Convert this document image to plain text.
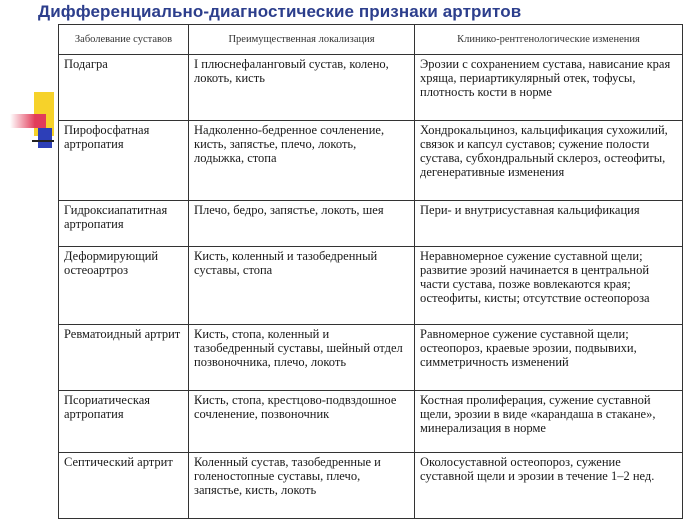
Дифференциально-диагностические признаки артритов
Заболевание суставов	Преимущественная локализация	Клинико-рентгенологические изменения
Подагра	I плюснефаланговый сустав, колено, локоть, кисть	Эрозии с сохранением сустава, нависание края хряща, периартикулярный отек, тофусы, плотность кости в норме
Пирофосфатная артропатия	Надколенно-бедренное сочленение, кисть, запястье, плечо, локоть, лодыжка, стопа	Хондрокальциноз, кальцификация сухожилий, связок и капсул суставов; сужение полости сустава, субхондральный склероз, остеофиты, дегенеративные изменения
Гидроксиапатитная артропатия	Плечо, бедро, запястье, локоть, шея	Пери- и внутрисуставная кальцификация
Деформирующий остеоартроз	Кисть, коленный и тазобедренный суставы, стопа	Неравномерное сужение суставной щели; развитие эрозий начинается в центральной части сустава, позже вовлекаются края; остеофиты, кисты; отсутствие остеопороза
Ревматоидный артрит	Кисть, стопа, коленный и тазобедренный суставы, шейный отдел позвоночника, плечо, локоть	Равномерное сужение суставной щели; остеопороз, краевые эрозии, подвывихи, симметричность изменений
Псориатическая артропатия	Кисть, стопа, крестцово-подвздошное сочленение, позвоночник	Костная пролиферация, сужение суставной щели, эрозии в виде «карандаша в стакане», минерализация в норме
Септический артрит	Коленный сустав, тазобедренные и голеностопные суставы, плечо, запястье, кисть, локоть	Околосуставной остеопороз, сужение суставной щели и эрозии в течение 1–2 нед.
